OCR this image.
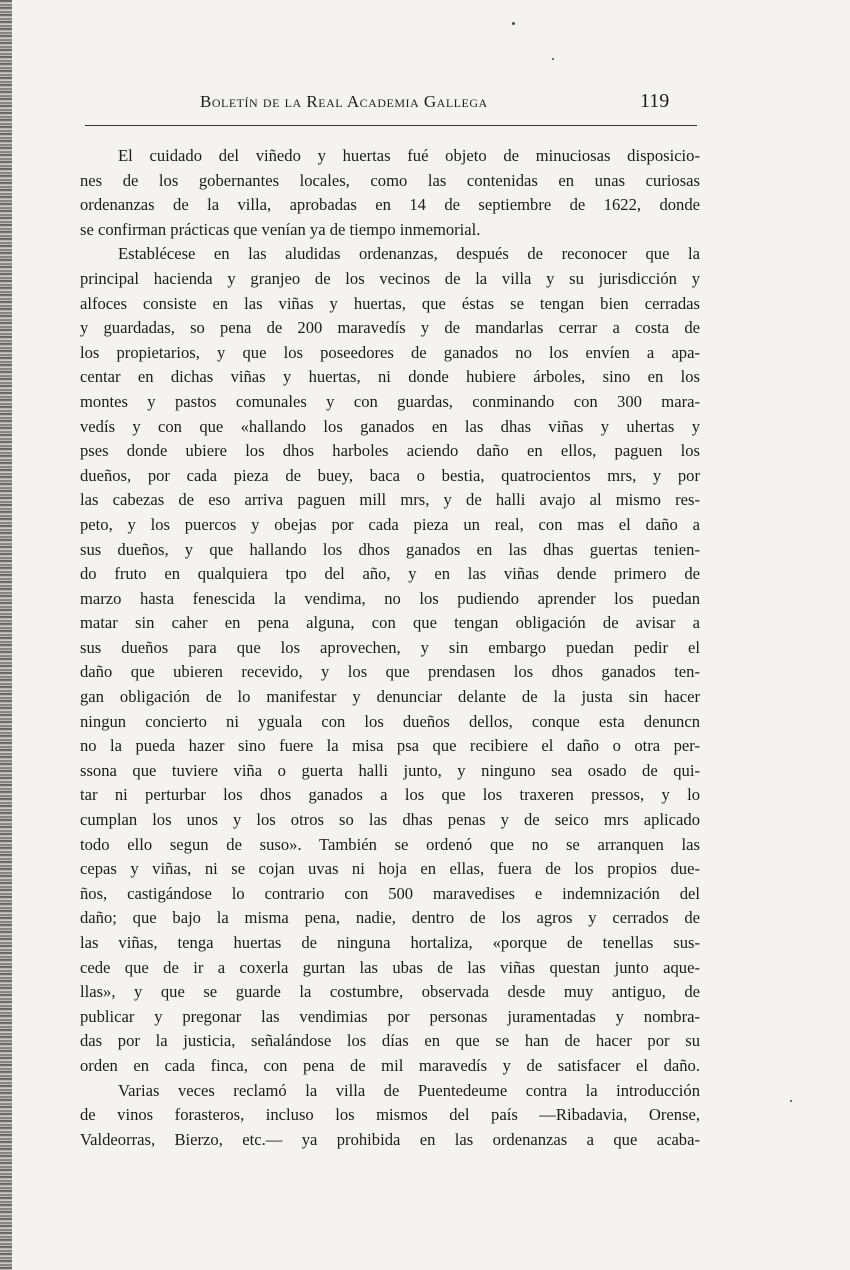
Boletín de la Real Academia Gallega	119
El cuidado del viñedo y huertas fué objeto de minuciosas disposicio-
nes de los gobernantes locales, como las contenidas en unas curiosas
ordenanzas de la villa, aprobadas en 14 de septiembre de 1622, donde
se confirman prácticas que venían ya de tiempo inmemorial.
Establécese en las aludidas ordenanzas, después de reconocer que la
principal hacienda y granjeo de los vecinos de la villa y su jurisdicción y
alfoces consiste en las viñas y huertas, que éstas se tengan bien cerradas
y guardadas, so pena de 200 maravedís y de mandarlas cerrar a costa de
los propietarios, y que los poseedores de ganados no los envíen a apa-
centar en dichas viñas y huertas, ni donde hubiere árboles, sino en los
montes y pastos comunales y con guardas, conminando con 300 mara-
vedís y con que «hallando los ganados en las dhas viñas y uhertas y
pses donde ubiere los dhos harboles aciendo daño en ellos, paguen los
dueños, por cada pieza de buey, baca o bestia, quatrocientos mrs, y por
las cabezas de eso arriva paguen mill mrs, y de halli avajo al mismo res-
peto, y los puercos y obejas por cada pieza un real, con mas el daño a
sus dueños, y que hallando los dhos ganados en las dhas guertas tenien-
do fruto en qualquiera tpo del año, y en las viñas dende primero de
marzo hasta fenescida la vendima, no los pudiendo aprender los puedan
matar sin caher en pena alguna, con que tengan obligación de avisar a
sus dueños para que los aprovechen, y sin embargo puedan pedir el
daño que ubieren recevido, y los que prendasen los dhos ganados ten-
gan obligación de lo manifestar y denunciar delante de la justa sin hacer
ningun concierto ni yguala con los dueños dellos, conque esta denuncn
no la pueda hazer sino fuere la misa psa que recibiere el daño o otra per-
ssona que tuviere viña o guerta halli junto, y ninguno sea osado de qui-
tar ni perturbar los dhos ganados a los que los traxeren pressos, y lo
cumplan los unos y los otros so las dhas penas y de seico mrs aplicado
todo ello segun de suso». También se ordenó que no se arranquen las
cepas y viñas, ni se cojan uvas ni hoja en ellas, fuera de los propios due-
ños, castigándose lo contrario con 500 maravedises e indemnización del
daño; que bajo la misma pena, nadie, dentro de los agros y cerrados de
las viñas, tenga huertas de ninguna hortaliza, «porque de tenellas sus-
cede que de ir a coxerla gurtan las ubas de las viñas questan junto aque-
llas», y que se guarde la costumbre, observada desde muy antiguo, de
publicar y pregonar las vendimias por personas juramentadas y nombra-
das por la justicia, señalándose los días en que se han de hacer por su
orden en cada finca, con pena de mil maravedís y de satisfacer el daño.
Varias veces reclamó la villa de Puentedeume contra la introducción
de vinos forasteros, incluso los mismos del país —Ribadavia, Orense,
Valdeorras, Bierzo, etc.— ya prohibida en las ordenanzas a que acaba-
